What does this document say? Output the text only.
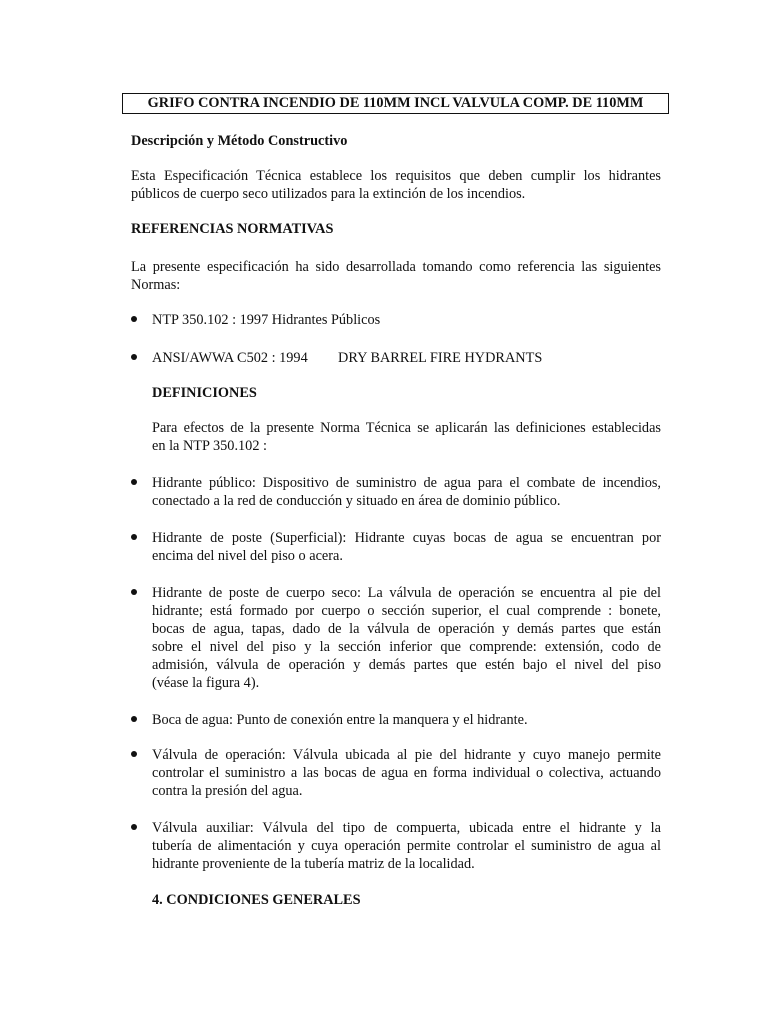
GRIFO CONTRA INCENDIO DE 110MM INCL VALVULA COMP. DE 110MM
Descripción y Método Constructivo
Esta Especificación Técnica establece los requisitos que deben cumplir los hidrantes
públicos de cuerpo seco utilizados para la extinción de los incendios.
REFERENCIAS NORMATIVAS
La presente especificación ha sido desarrollada tomando como referencia las siguientes
Normas:
NTP 350.102 : 1997 Hidrantes Públicos
ANSI/AWWA C502 : 1994 DRY BARREL FIRE HYDRANTS
DEFINICIONES
Para efectos de la presente Norma Técnica se aplicarán las definiciones establecidas
en la NTP 350.102 :
Hidrante público: Dispositivo de suministro de agua para el combate de incendios,
conectado a la red de conducción y situado en área de dominio público.
Hidrante de poste (Superficial): Hidrante cuyas bocas de agua se encuentran por
encima del nivel del piso o acera.
Hidrante de poste de cuerpo seco: La válvula de operación se encuentra al pie del
hidrante; está formado por cuerpo o sección superior, el cual comprende : bonete,
bocas de agua, tapas, dado de la válvula de operación y demás partes que están
sobre el nivel del piso y la sección inferior que comprende: extensión, codo de
admisión, válvula de operación y demás partes que estén bajo el nivel del piso
(véase la figura 4).
Boca de agua: Punto de conexión entre la manquera y el hidrante.
Válvula de operación: Válvula ubicada al pie del hidrante y cuyo manejo permite
controlar el suministro a las bocas de agua en forma individual o colectiva, actuando
contra la presión del agua.
Válvula auxiliar: Válvula del tipo de compuerta, ubicada entre el hidrante y la
tubería de alimentación y cuya operación permite controlar el suministro de agua al
hidrante proveniente de la tubería matriz de la localidad.
4. CONDICIONES GENERALES
